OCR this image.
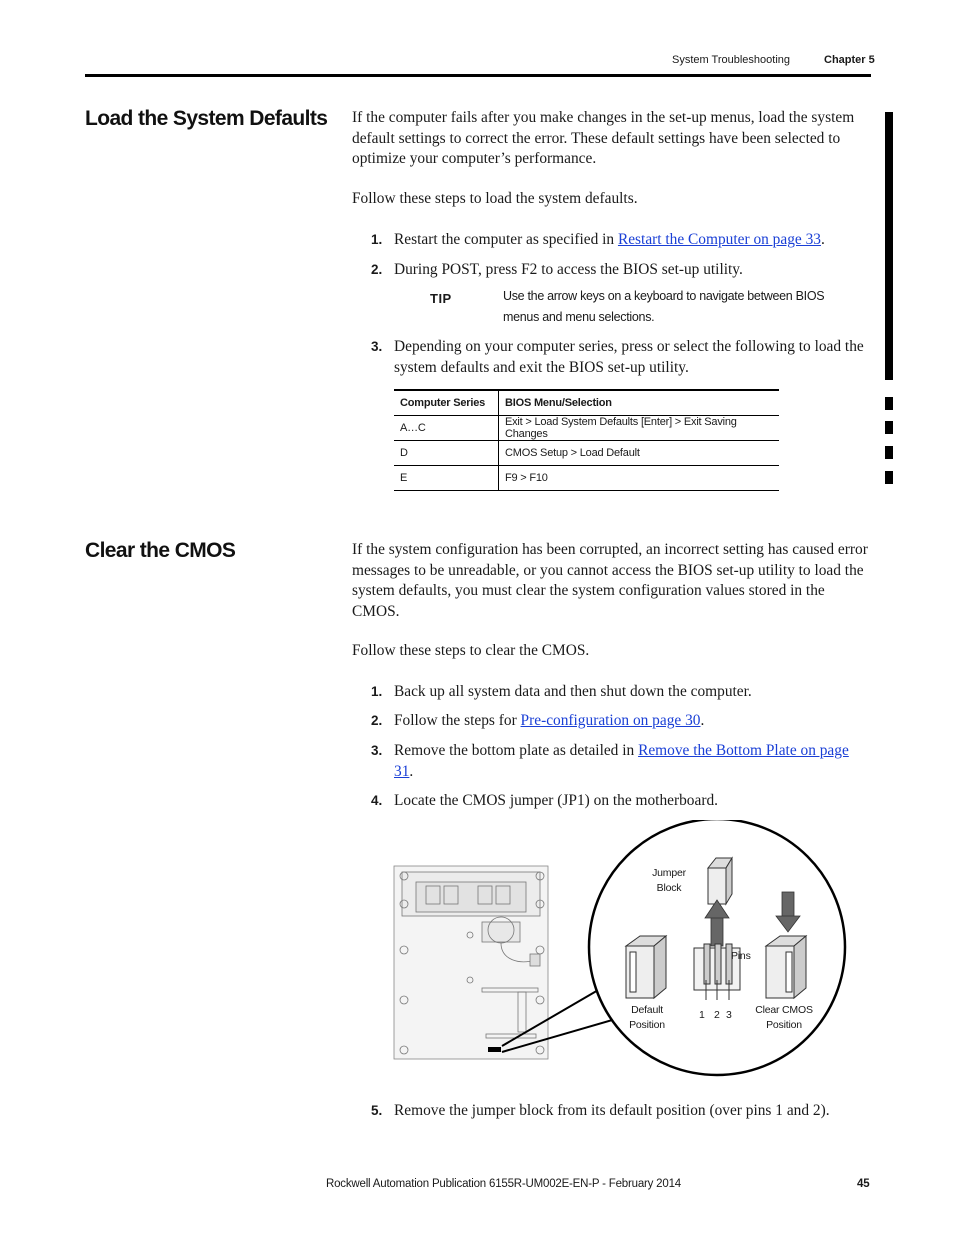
System Troubleshooting	Chapter 5
Load the System Defaults If the computer fails after you make changes in the set-up menus, load the system default settings to correct the error. These default settings have been selected to optimize your computer’s performance.
Follow these steps to load the system defaults.
1. Restart the computer as specified in Restart the Computer on page 33.
2. During POST, press F2 to access the BIOS set-up utility.
TIP	Use the arrow keys on a keyboard to navigate between BIOS menus and menu selections.
3. Depending on your computer series, press or select the following to load the system defaults and exit the BIOS set-up utility.
Computer Series	BIOS Menu/Selection
A…C	Exit > Load System Defaults [Enter] > Exit Saving Changes
D	CMOS Setup > Load Default
E	F9 > F10
Clear the CMOS	If the system configuration has been corrupted, an incorrect setting has caused error messages to be unreadable, or you cannot access the BIOS set-up utility to load the system defaults, you must clear the system configuration values stored in the CMOS.
Follow these steps to clear the CMOS.
1. Back up all system data and then shut down the computer.
2. Follow the steps for Pre-configuration on page 30.
3. Remove the bottom plate as detailed in Remove the Bottom Plate on page 31.
4. Locate the CMOS jumper (JP1) on the motherboard.
Jumper Block
Pins
Default Position
Clear CMOS Position
1 2 3
5. Remove the jumper block from its default position (over pins 1 and 2).
Rockwell Automation Publication 6155R-UM002E-EN-P - February 2014	45
